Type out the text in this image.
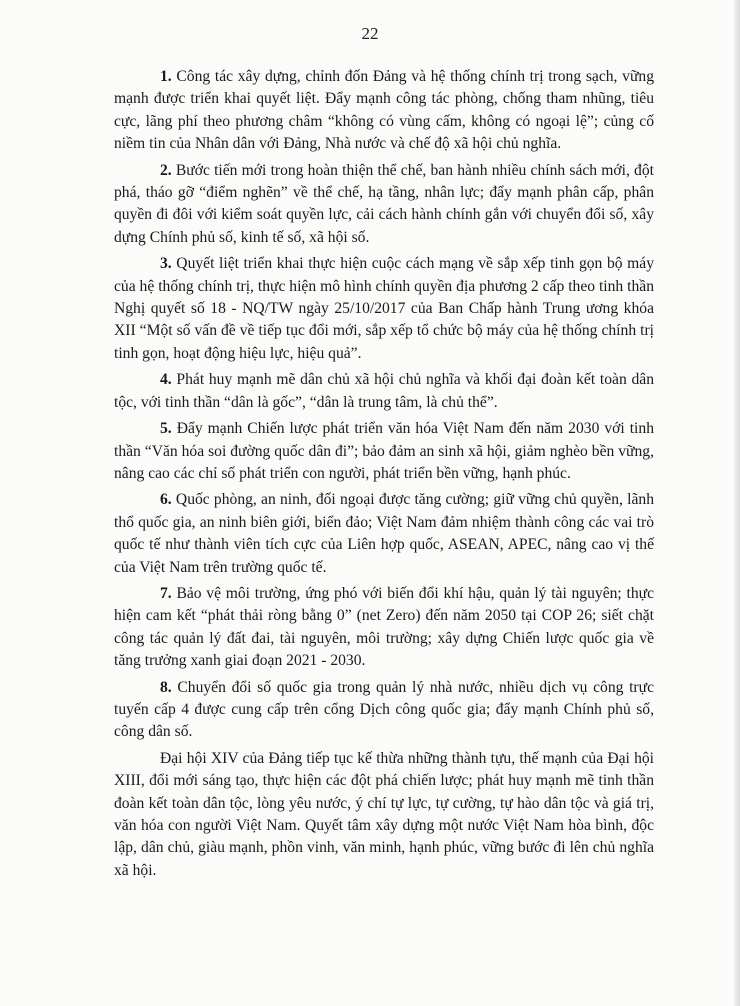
22

1. Công tác xây dựng, chỉnh đốn Đảng và hệ thống chính trị trong sạch, vững mạnh được triển khai quyết liệt. Đẩy mạnh công tác phòng, chống tham nhũng, tiêu cực, lãng phí theo phương châm “không có vùng cấm, không có ngoại lệ”; củng cố niềm tin của Nhân dân với Đảng, Nhà nước và chế độ xã hội chủ nghĩa.

2. Bước tiến mới trong hoàn thiện thể chế, ban hành nhiều chính sách mới, đột phá, tháo gỡ “điểm nghẽn” về thể chế, hạ tầng, nhân lực; đẩy mạnh phân cấp, phân quyền đi đôi với kiểm soát quyền lực, cải cách hành chính gắn với chuyển đổi số, xây dựng Chính phủ số, kinh tế số, xã hội số.

3. Quyết liệt triển khai thực hiện cuộc cách mạng về sắp xếp tinh gọn bộ máy của hệ thống chính trị, thực hiện mô hình chính quyền địa phương 2 cấp theo tinh thần Nghị quyết số 18 - NQ/TW ngày 25/10/2017 của Ban Chấp hành Trung ương khóa XII “Một số vấn đề về tiếp tục đổi mới, sắp xếp tổ chức bộ máy của hệ thống chính trị tinh gọn, hoạt động hiệu lực, hiệu quả”.

4. Phát huy mạnh mẽ dân chủ xã hội chủ nghĩa và khối đại đoàn kết toàn dân tộc, với tinh thần “dân là gốc”, “dân là trung tâm, là chủ thể”.

5. Đẩy mạnh Chiến lược phát triển văn hóa Việt Nam đến năm 2030 với tinh thần “Văn hóa soi đường quốc dân đi”; bảo đảm an sinh xã hội, giảm nghèo bền vững, nâng cao các chỉ số phát triển con người, phát triển bền vững, hạnh phúc.

6. Quốc phòng, an ninh, đối ngoại được tăng cường; giữ vững chủ quyền, lãnh thổ quốc gia, an ninh biên giới, biển đảo; Việt Nam đảm nhiệm thành công các vai trò quốc tế như thành viên tích cực của Liên hợp quốc, ASEAN, APEC, nâng cao vị thế của Việt Nam trên trường quốc tế.

7. Bảo vệ môi trường, ứng phó với biến đổi khí hậu, quản lý tài nguyên; thực hiện cam kết “phát thải ròng bằng 0” (net Zero) đến năm 2050 tại COP 26; siết chặt công tác quản lý đất đai, tài nguyên, môi trường; xây dựng Chiến lược quốc gia về tăng trưởng xanh giai đoạn 2021 - 2030.

8. Chuyển đổi số quốc gia trong quản lý nhà nước, nhiều dịch vụ công trực tuyến cấp 4 được cung cấp trên cổng Dịch công quốc gia; đẩy mạnh Chính phủ số, công dân số.

Đại hội XIV của Đảng tiếp tục kế thừa những thành tựu, thế mạnh của Đại hội XIII, đổi mới sáng tạo, thực hiện các đột phá chiến lược; phát huy mạnh mẽ tinh thần đoàn kết toàn dân tộc, lòng yêu nước, ý chí tự lực, tự cường, tự hào dân tộc và giá trị, văn hóa con người Việt Nam. Quyết tâm xây dựng một nước Việt Nam hòa bình, độc lập, dân chủ, giàu mạnh, phồn vinh, văn minh, hạnh phúc, vững bước đi lên chủ nghĩa xã hội.
